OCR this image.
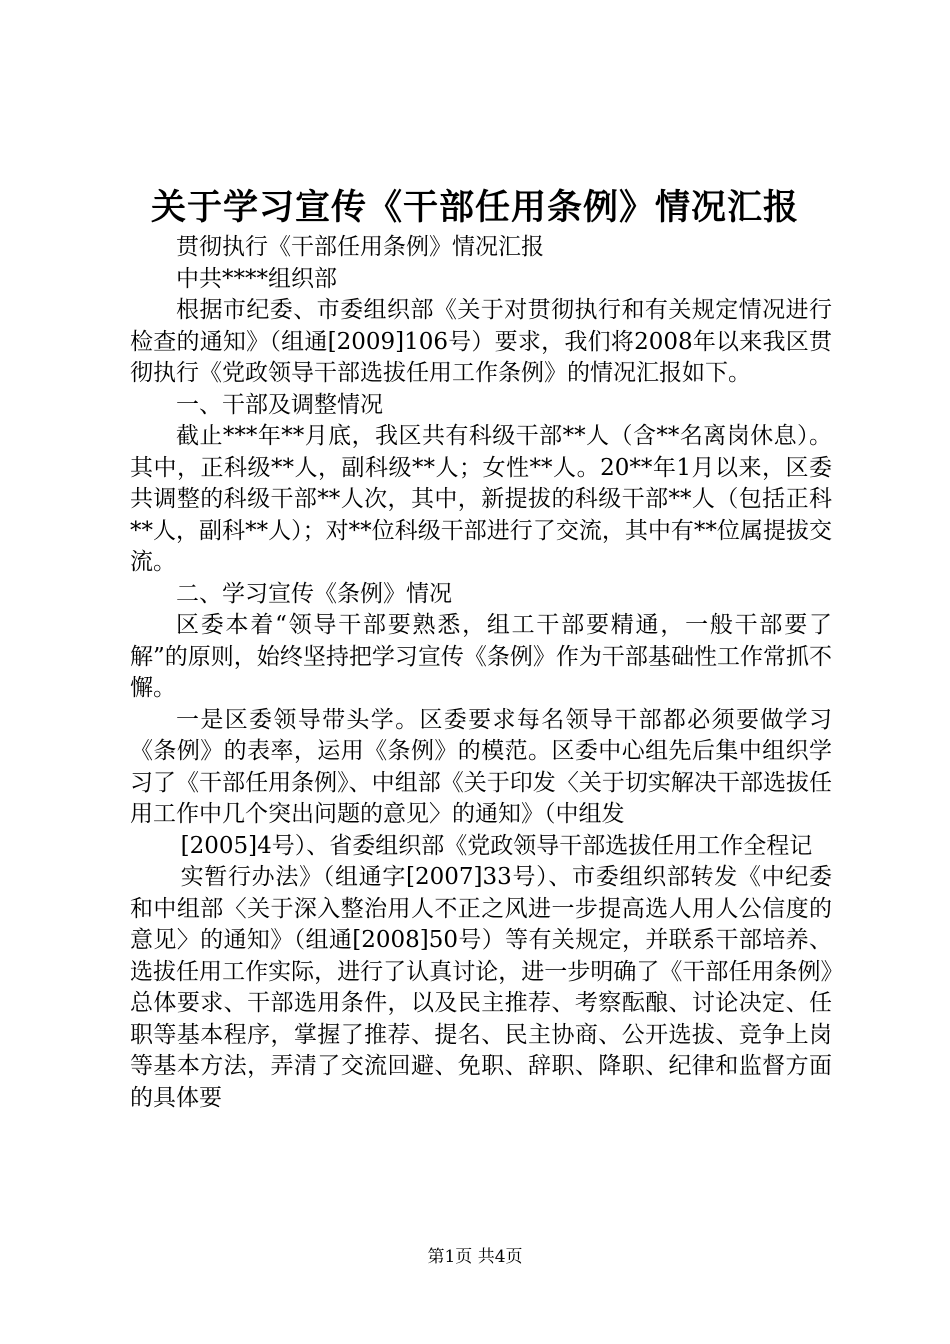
关于学习宣传《干部任用条例》情况汇报

贯彻执行《干部任用条例》情况汇报

中共****组织部

根据市纪委、市委组织部《关于对贯彻执行和有关规定情况进行检查的通知》（组通[2009]106号）要求，我们将2008年以来我区贯彻执行《党政领导干部选拔任用工作条例》的情况汇报如下。

一、干部及调整情况

截止***年**月底，我区共有科级干部**人（含**名离岗休息）。其中，正科级**人，副科级**人；女性**人。20**年1月以来，区委共调整的科级干部**人次，其中，新提拔的科级干部**人（包括正科**人，副科**人）；对**位科级干部进行了交流，其中有**位属提拔交流。

二、学习宣传《条例》情况

区委本着“领导干部要熟悉，组工干部要精通，一般干部要了解”的原则，始终坚持把学习宣传《条例》作为干部基础性工作常抓不懈。

一是区委领导带头学。区委要求每名领导干部都必须要做学习《条例》的表率，运用《条例》的模范。区委中心组先后集中组织学习了《干部任用条例》、中组部《关于印发〈关于切实解决干部选拔任用工作中几个突出问题的意见〉的通知》（中组发

[2005]4号）、省委组织部《党政领导干部选拔任用工作全程记

实暂行办法》（组通字[2007]33号）、市委组织部转发《中纪委和中组部〈关于深入整治用人不正之风进一步提高选人用人公信度的意见〉的通知》（组通[2008]50号）等有关规定，并联系干部培养、选拔任用工作实际，进行了认真讨论，进一步明确了《干部任用条例》总体要求、干部选用条件，以及民主推荐、考察酝酿、讨论决定、任职等基本程序，掌握了推荐、提名、民主协商、公开选拔、竞争上岗等基本方法，弄清了交流回避、免职、辞职、降职、纪律和监督方面的具体要

第1页 共4页
